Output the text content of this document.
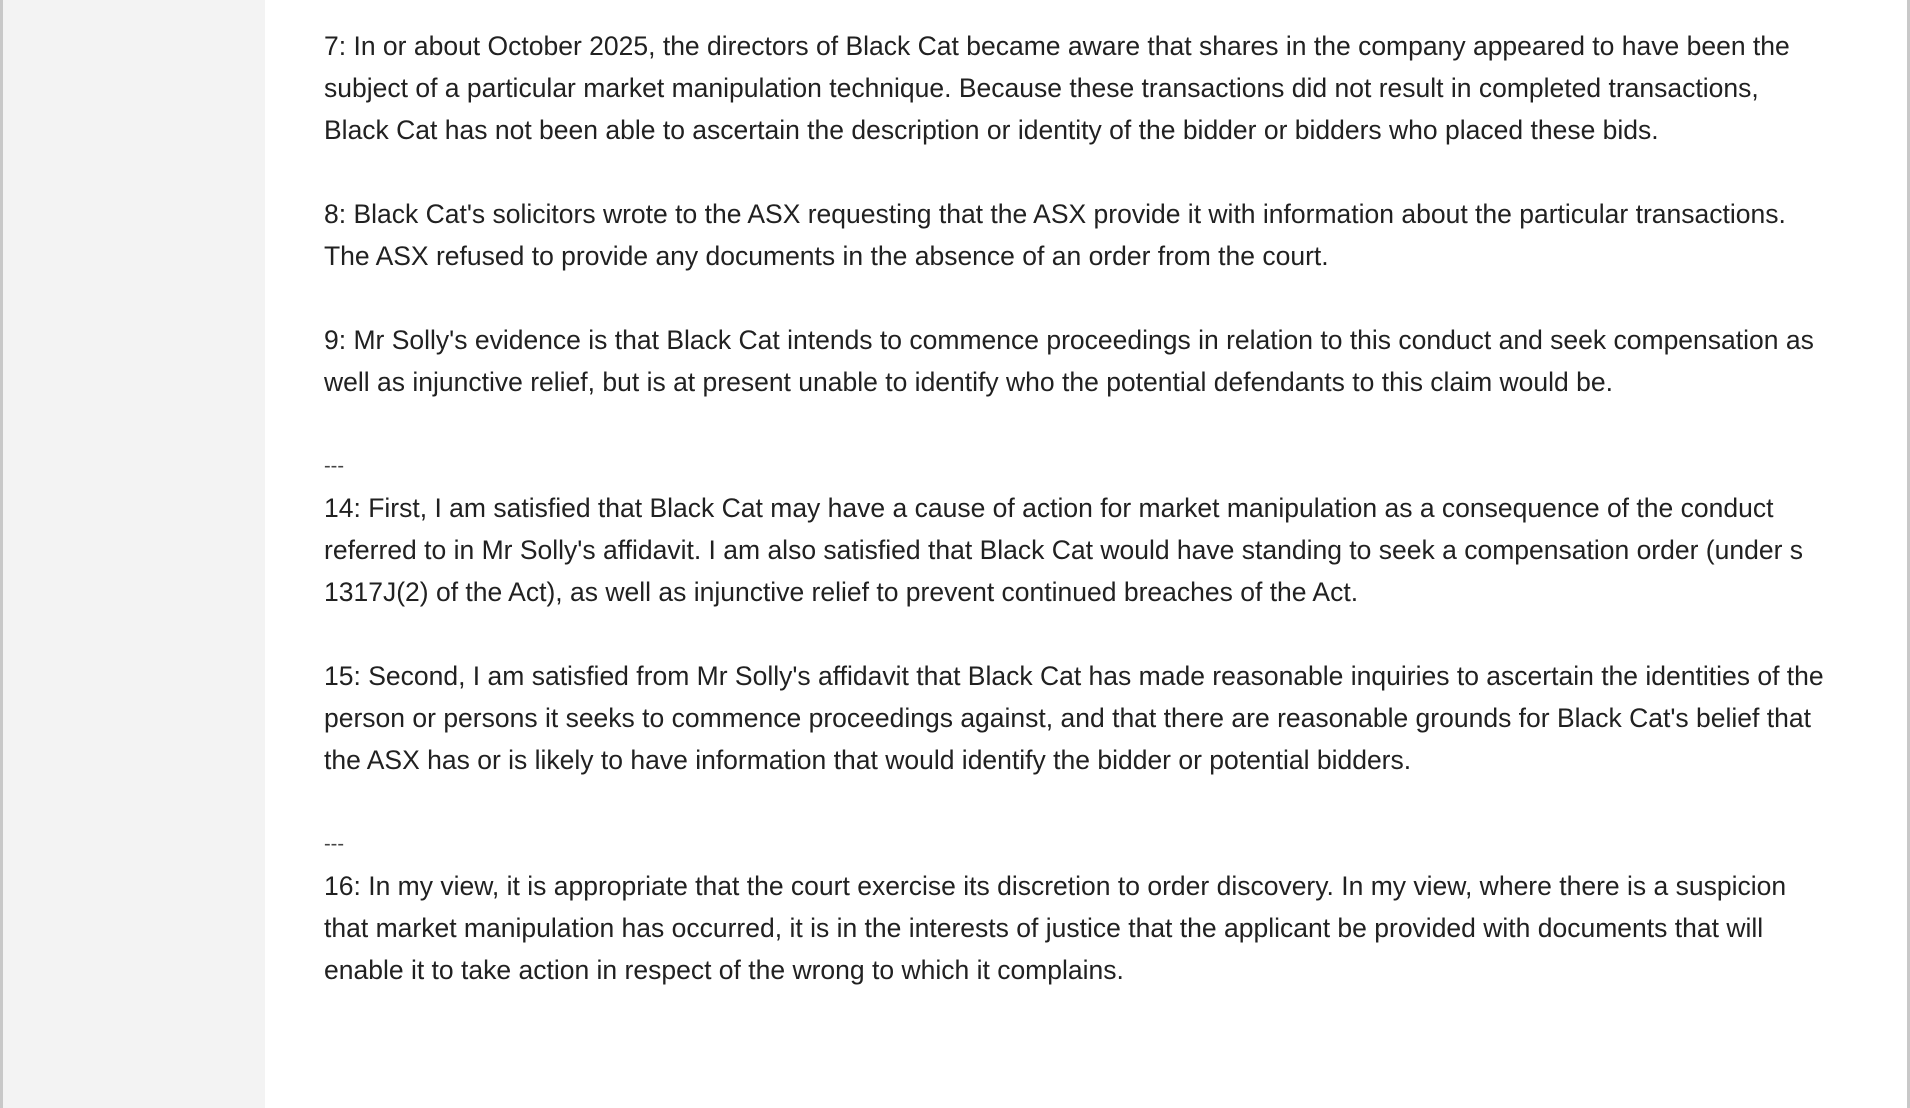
7: In or about October 2025, the directors of Black Cat became aware that shares in the company appeared to have been the subject of a particular market manipulation technique. Because these transactions did not result in completed transactions, Black Cat has not been able to ascertain the description or identity of the bidder or bidders who placed these bids.

8: Black Cat's solicitors wrote to the ASX requesting that the ASX provide it with information about the particular transactions. The ASX refused to provide any documents in the absence of an order from the court.

9: Mr Solly's evidence is that Black Cat intends to commence proceedings in relation to this conduct and seek compensation as well as injunctive relief, but is at present unable to identify who the potential defendants to this claim would be.

---

14: First, I am satisfied that Black Cat may have a cause of action for market manipulation as a consequence of the conduct referred to in Mr Solly's affidavit. I am also satisfied that Black Cat would have standing to seek a compensation order (under s 1317J(2) of the Act), as well as injunctive relief to prevent continued breaches of the Act.

15: Second, I am satisfied from Mr Solly's affidavit that Black Cat has made reasonable inquiries to ascertain the identities of the person or persons it seeks to commence proceedings against, and that there are reasonable grounds for Black Cat's belief that the ASX has or is likely to have information that would identify the bidder or potential bidders.

---

16: In my view, it is appropriate that the court exercise its discretion to order discovery. In my view, where there is a suspicion that market manipulation has occurred, it is in the interests of justice that the applicant be provided with documents that will enable it to take action in respect of the wrong to which it complains.
